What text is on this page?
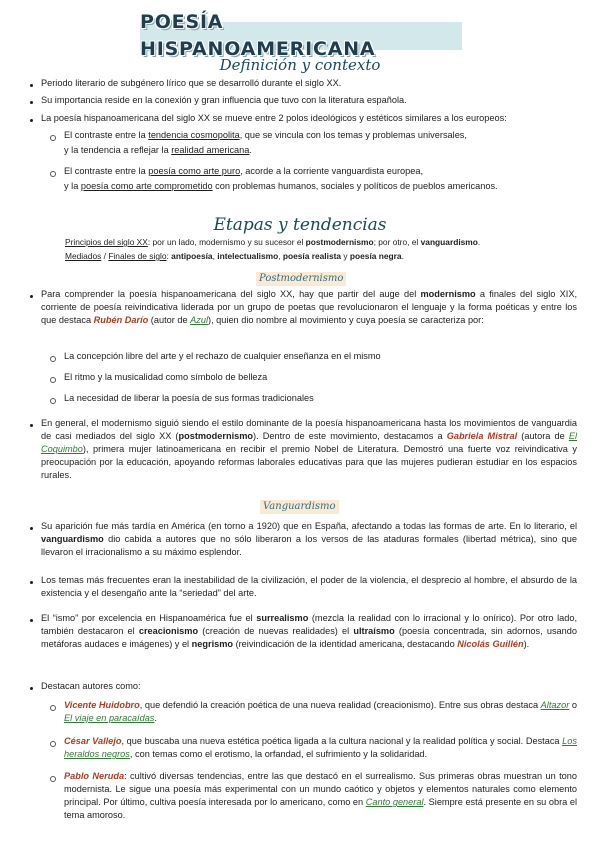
POESÍA HISPANOAMERICANA
Definición y contexto
Periodo literario de subgénero lírico que se desarrolló durante el siglo XX.
Su importancia reside en la conexión y gran influencia que tuvo con la literatura española.
La poesía hispanoamericana del siglo XX se mueve entre 2 polos ideológicos y estéticos similares a los europeos:
El contraste entre la tendencia cosmopolita, que se vincula con los temas y problemas universales,
y la tendencia a reflejar la realidad americana.
El contraste entre la poesía como arte puro, acorde a la corriente vanguardista europea,
y la poesía como arte comprometido con problemas humanos, sociales y políticos de pueblos americanos.
Etapas y tendencias
Principios del siglo XX: por un lado, modernismo y su sucesor el postmodernismo; por otro, el vanguardismo.
Mediados / Finales de siglo: antipoesía, intelectualismo, poesía realista y poesía negra.
Postmodernismo
Para comprender la poesía hispanoamericana del siglo XX, hay que partir del auge del modernismo a finales del siglo XIX, corriente de poesía reivindicativa liderada por un grupo de poetas que revolucionaron el lenguaje y la forma poéticas y entre los que destaca Rubén Darío (autor de Azul), quien dio nombre al movimiento y cuya poesía se caracteriza por:
La concepción libre del arte y el rechazo de cualquier enseñanza en el mismo
El ritmo y la musicalidad como símbolo de belleza
La necesidad de liberar la poesía de sus formas tradicionales
En general, el modernismo siguió siendo el estilo dominante de la poesía hispanoamericana hasta los movimientos de vanguardia de casi mediados del siglo XX (postmodernismo). Dentro de este movimiento, destacamos a Gabriela Mistral (autora de El Coquimbo), primera mujer latinoamericana en recibir el premio Nobel de Literatura. Demostró una fuerte voz reivindicativa y preocupación por la educación, apoyando reformas laborales educativas para que las mujeres pudieran estudiar en los espacios rurales.
Vanguardismo
Su aparición fue más tardía en América (en torno a 1920) que en España, afectando a todas las formas de arte. En lo literario, el vanguardismo dio cabida a autores que no sólo liberaron a los versos de las ataduras formales (libertad métrica), sino que llevaron el irracionalismo a su máximo esplendor.
Los temas más frecuentes eran la inestabilidad de la civilización, el poder de la violencia, el desprecio al hombre, el absurdo de la existencia y el desengaño ante la “seriedad” del arte.
El “ismo” por excelencia en Hispanoamérica fue el surrealismo (mezcla la realidad con lo irracional y lo onírico). Por otro lado, también destacaron el creacionismo (creación de nuevas realidades) el ultraísmo (poesía concentrada, sin adornos, usando metáforas audaces e imágenes) y el negrismo (reivindicación de la identidad americana, destacando Nicolás Guillén).
Destacan autores como:
Vicente Huidobro, que defendió la creación poética de una nueva realidad (creacionismo). Entre sus obras destaca Altazor o El viaje en paracaídas.
César Vallejo, que buscaba una nueva estética poética ligada a la cultura nacional y la realidad política y social. Destaca Los heraldos negros, con temas como el erotismo, la orfandad, el sufrimiento y la solidaridad.
Pablo Neruda: cultivó diversas tendencias, entre las que destacó en el surrealismo. Sus primeras obras muestran un tono modernista. Le sigue una poesía más experimental con un mundo caótico y objetos y elementos naturales como elemento principal. Por último, cultiva poesía interesada por lo americano, como en Canto general. Siempre está presente en su obra el tema amoroso.
